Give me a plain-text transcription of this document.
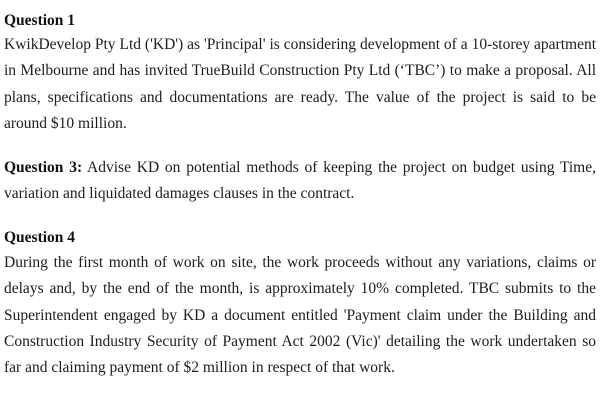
Question 1

KwikDevelop Pty Ltd ('KD') as 'Principal' is considering development of a 10-storey apartment in Melbourne and has invited TrueBuild Construction Pty Ltd (‘TBC’) to make a proposal. All plans, specifications and documentations are ready. The value of the project is said to be around $10 million.

Question 3: Advise KD on potential methods of keeping the project on budget using Time, variation and liquidated damages clauses in the contract.

Question 4

During the first month of work on site, the work proceeds without any variations, claims or delays and, by the end of the month, is approximately 10% completed. TBC submits to the Superintendent engaged by KD a document entitled 'Payment claim under the Building and Construction Industry Security of Payment Act 2002 (Vic)' detailing the work undertaken so far and claiming payment of $2 million in respect of that work.
